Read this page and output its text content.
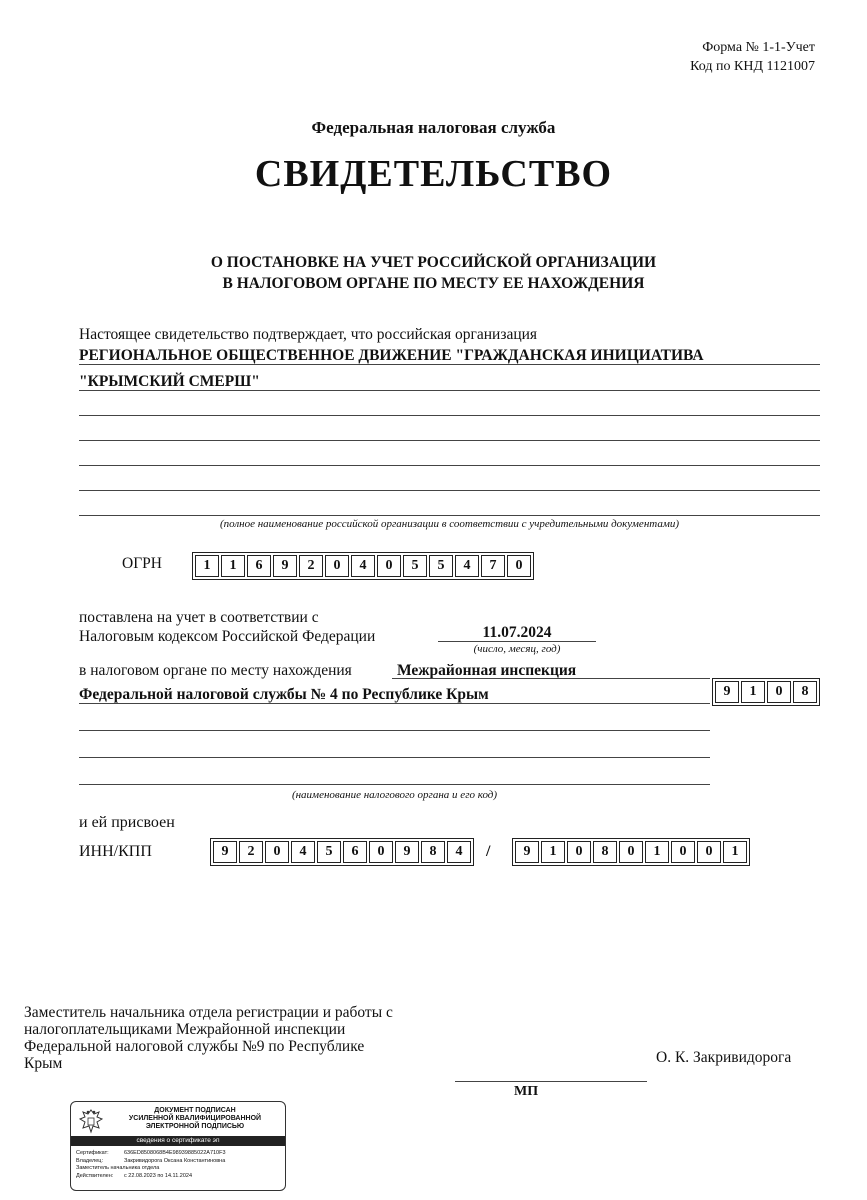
Форма № 1-1-Учет
Код по КНД 1121007
Федеральная налоговая служба
СВИДЕТЕЛЬСТВО
О ПОСТАНОВКЕ НА УЧЕТ РОССИЙСКОЙ ОРГАНИЗАЦИИ
В НАЛОГОВОМ ОРГАНЕ ПО МЕСТУ ЕЕ НАХОЖДЕНИЯ
Настоящее свидетельство подтверждает, что российская организация
РЕГИОНАЛЬНОЕ ОБЩЕСТВЕННОЕ ДВИЖЕНИЕ "ГРАЖДАНСКАЯ ИНИЦИАТИВА
"КРЫМСКИЙ СМЕРШ"
(полное наименование российской организации в соответствии с учредительными документами)
ОГРН	1	1	6	9	2	0	4	0	5	5	4	7	0
поставлена на учет в соответствии с
Налоговым кодексом Российской Федерации	11.07.2024
(число, месяц, год)
в налоговом органе по месту нахождения	Межрайонная инспекция
Федеральной налоговой службы № 4 по Республике Крым	9	1	0	8
(наименование налогового органа и его код)
и ей присвоен
ИНН/КПП	9	2	0	4	5	6	0	9	8	4	/	9	1	0	8	0	1	0	0	1
Заместитель начальника отдела регистрации и работы с
налогоплательщиками Межрайонной инспекции
Федеральной налоговой службы №9 по Республике
Крым	О. К. Закривидорога
МП
ДОКУМЕНТ ПОДПИСАН
УСИЛЕННОЙ КВАЛИФИЦИРОВАННОЙ
ЭЛЕКТРОННОЙ ПОДПИСЬЮ
сведения о сертификате эп
Сертификат:	636ED8508068B4E98939885022A710F3
Владелец:	Закривидорога Оксана Константиновна
Заместитель начальника отдела
Действителен: с 22.08.2023 по 14.11.2024
